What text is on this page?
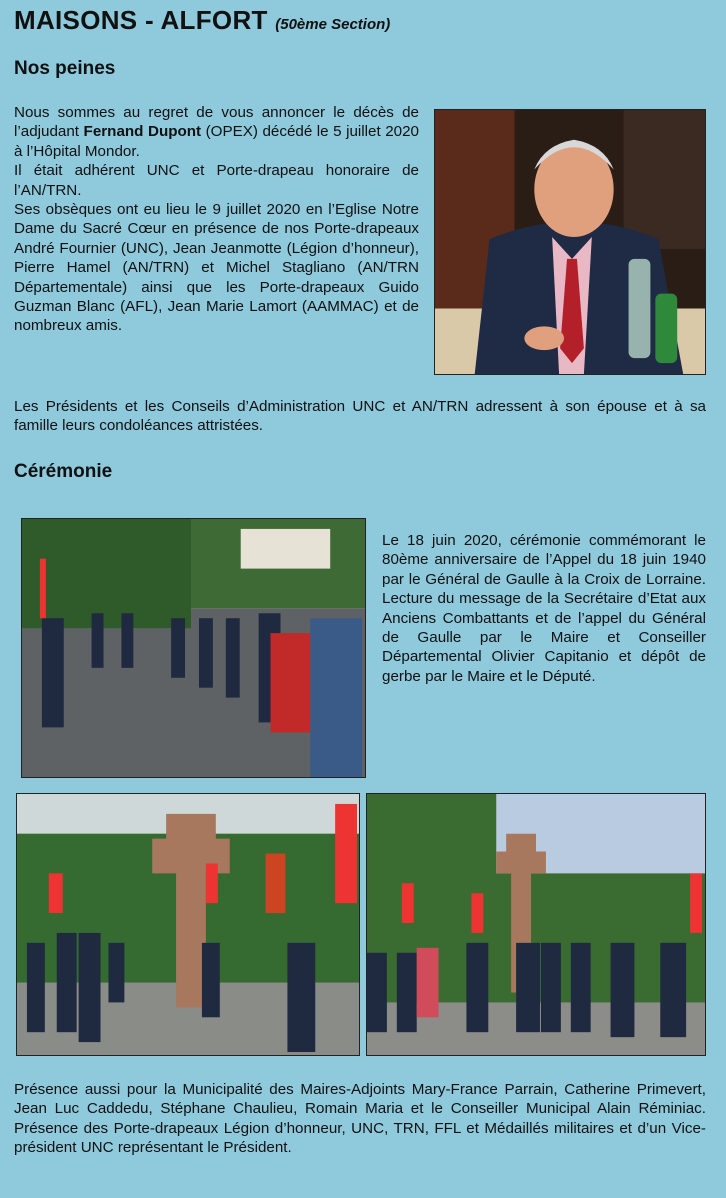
MAISONS - ALFORT (50ème Section)
Nos peines

Nous sommes au regret de vous annoncer le décès de l’adjudant Fernand Dupont (OPEX) décédé le 5 juillet 2020 à l’Hôpital Mondor.

Il était adhérent UNC et Porte-drapeau honoraire de l’AN/TRN.

Ses obsèques ont eu lieu le 9 juillet 2020 en l’Eglise Notre Dame du Sacré Cœur en présence de nos Porte-drapeaux André Fournier (UNC), Jean Jeanmotte (Légion d’honneur), Pierre Hamel (AN/TRN) et Michel Stagliano (AN/TRN Départementale) ainsi que les Porte-drapeaux Guido Guzman Blanc (AFL), Jean Marie Lamort (AAMMAC) et de nombreux amis.

Les Présidents et les Conseils d’Administration UNC et AN/TRN adressent à son épouse et à sa famille leurs condoléances attristées.

Cérémonie

Le 18 juin 2020, cérémonie commémorant le 80ème anniversaire de l’Appel du 18 juin 1940 par le Général de Gaulle à la Croix de Lorraine. Lecture du message de la Secrétaire d’Etat aux Anciens Combattants et de l’appel du Général de Gaulle par le Maire et Conseiller Départemental Olivier Capitanio et dépôt de gerbe par le Maire et le Député.

Présence aussi pour la Municipalité des Maires-Adjoints Mary-France Parrain, Catherine Primevert, Jean Luc Caddedu, Stéphane Chaulieu, Romain Maria et le Conseiller Municipal Alain Réminiac. Présence des Porte-drapeaux Légion d’honneur, UNC, TRN, FFL et Médaillés militaires et d’un Vice-président UNC représentant le Président.
